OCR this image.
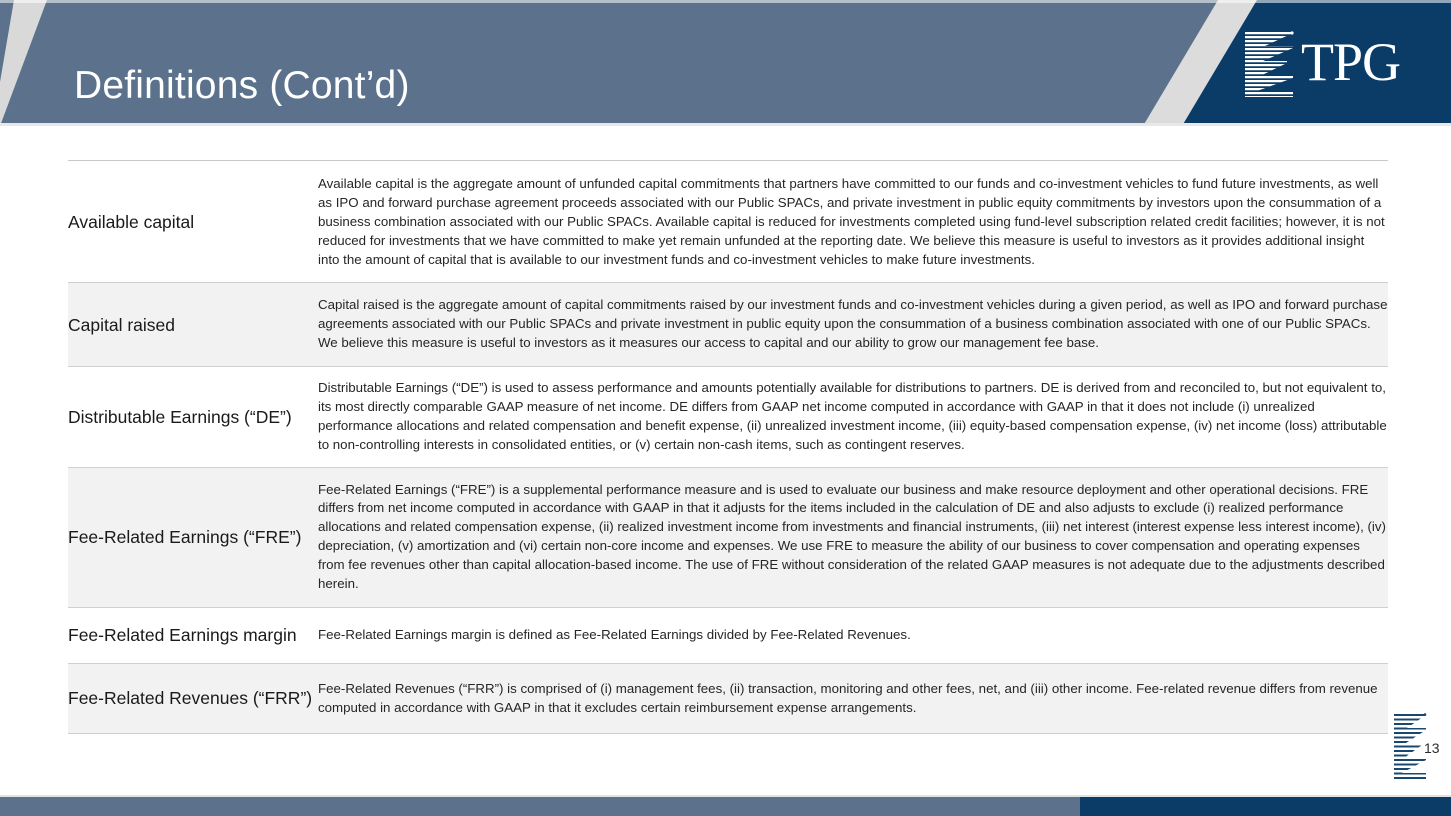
Definitions (Cont’d)	TPG
Available capital	Available capital is the aggregate amount of unfunded capital commitments that partners have committed to our funds and co-investment vehicles to fund future investments, as well as IPO and forward purchase agreement proceeds associated with our Public SPACs, and private investment in public equity commitments by investors upon the consummation of a business combination associated with our Public SPACs. Available capital is reduced for investments completed using fund-level subscription related credit facilities; however, it is not reduced for investments that we have committed to make yet remain unfunded at the reporting date. We believe this measure is useful to investors as it provides additional insight into the amount of capital that is available to our investment funds and co-investment vehicles to make future investments.
Capital raised	Capital raised is the aggregate amount of capital commitments raised by our investment funds and co-investment vehicles during a given period, as well as IPO and forward purchase agreements associated with our Public SPACs and private investment in public equity upon the consummation of a business combination associated with one of our Public SPACs. We believe this measure is useful to investors as it measures our access to capital and our ability to grow our management fee base.
Distributable Earnings (“DE”)	Distributable Earnings (“DE”) is used to assess performance and amounts potentially available for distributions to partners. DE is derived from and reconciled to, but not equivalent to, its most directly comparable GAAP measure of net income. DE differs from GAAP net income computed in accordance with GAAP in that it does not include (i) unrealized performance allocations and related compensation and benefit expense, (ii) unrealized investment income, (iii) equity-based compensation expense, (iv) net income (loss) attributable to non-controlling interests in consolidated entities, or (v) certain non-cash items, such as contingent reserves.
Fee-Related Earnings (“FRE”)	Fee-Related Earnings (“FRE”) is a supplemental performance measure and is used to evaluate our business and make resource deployment and other operational decisions. FRE differs from net income computed in accordance with GAAP in that it adjusts for the items included in the calculation of DE and also adjusts to exclude (i) realized performance allocations and related compensation expense, (ii) realized investment income from investments and financial instruments, (iii) net interest (interest expense less interest income), (iv) depreciation, (v) amortization and (vi) certain non-core income and expenses. We use FRE to measure the ability of our business to cover compensation and operating expenses from fee revenues other than capital allocation-based income. The use of FRE without consideration of the related GAAP measures is not adequate due to the adjustments described herein.
Fee-Related Earnings margin	Fee-Related Earnings margin is defined as Fee-Related Earnings divided by Fee-Related Revenues.
Fee-Related Revenues (“FRR”)	Fee-Related Revenues (“FRR”) is comprised of (i) management fees, (ii) transaction, monitoring and other fees, net, and (iii) other income. Fee-related revenue differs from revenue computed in accordance with GAAP in that it excludes certain reimbursement expense arrangements.
13
